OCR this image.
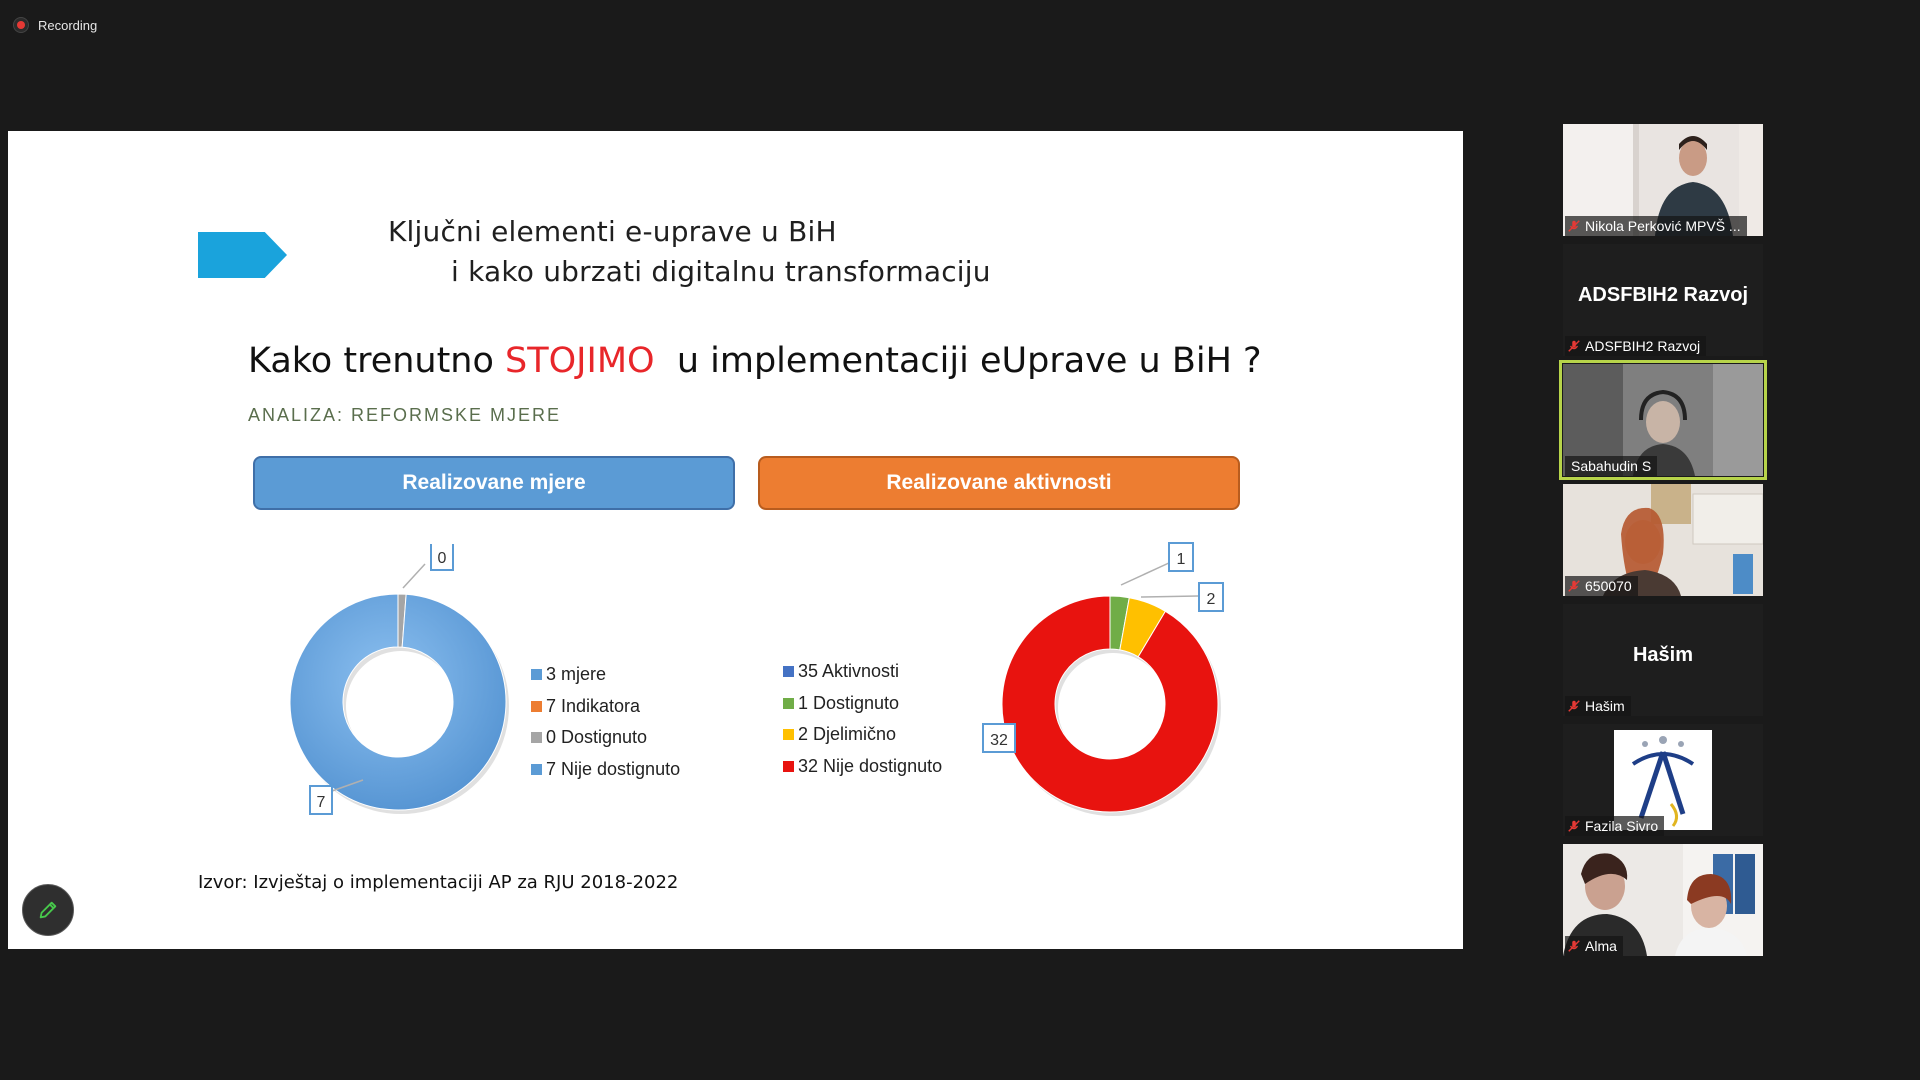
Recording
Ključni elementi e-uprave u BiH
i kako ubrzati digitalnu transformaciju
Kako trenutno STOJIMO  u implementaciji eUprave u BiH ?
ANALIZA: REFORMSKE MJERE
Realizovane mjere	Realizovane aktivnosti
0
7
3 mjere
7 Indikatora
0 Dostignuto
7 Nije dostignuto
35 Aktivnosti
1 Dostignuto
2 Djelimično
32 Nije dostignuto
1
2
32
Izvor: Izvještaj o implementaciji AP za RJU 2018-2022
Nikola Perković MPVŠ ...
ADSFBIH2 Razvoj
ADSFBIH2 Razvoj
Sabahudin S
650070
Hašim
Hašim
Fazila Sivro
Alma
